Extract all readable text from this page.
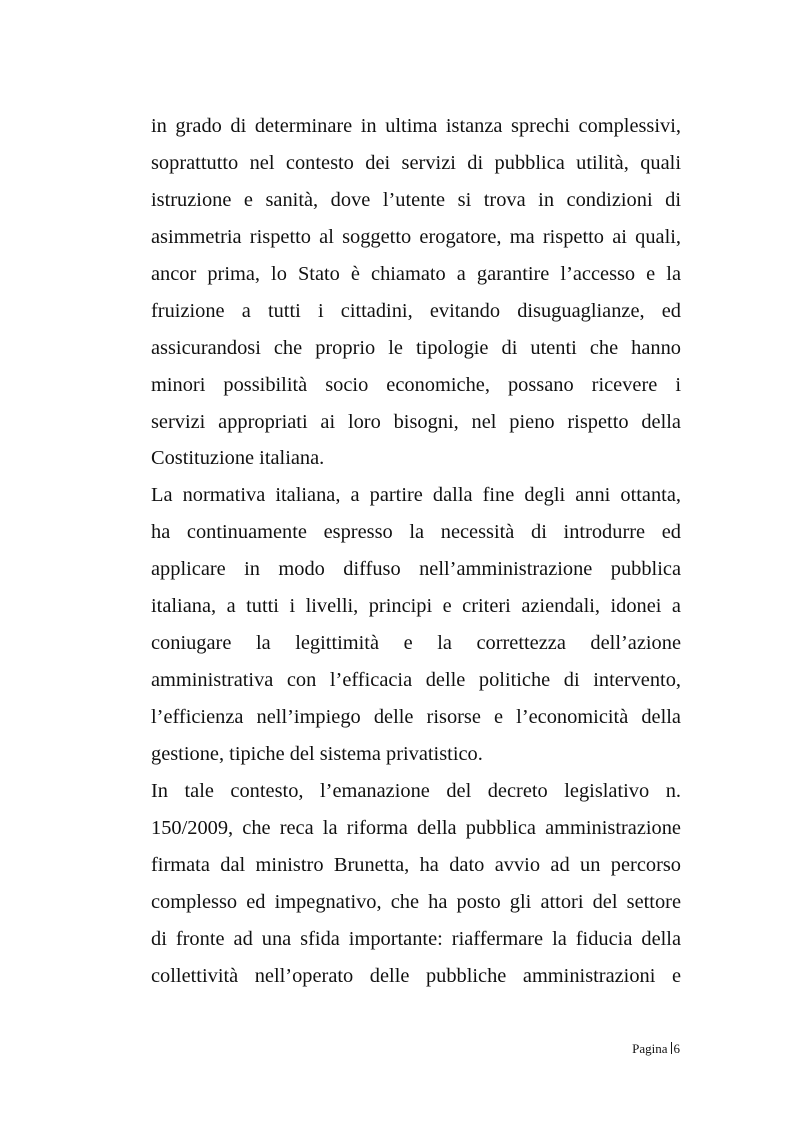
in grado di determinare in ultima istanza sprechi complessivi,
soprattutto nel contesto dei servizi di pubblica utilità, quali
istruzione e sanità, dove l’utente si trova in condizioni di
asimmetria rispetto al soggetto erogatore, ma rispetto ai quali,
ancor prima, lo Stato è chiamato a garantire l’accesso e la
fruizione a tutti i cittadini, evitando disuguaglianze, ed
assicurandosi che proprio le tipologie di utenti che hanno
minori possibilità socio economiche, possano ricevere i
servizi appropriati ai loro bisogni, nel pieno rispetto della
Costituzione italiana.
La normativa italiana, a partire dalla fine degli anni ottanta,
ha continuamente espresso la necessità di introdurre ed
applicare in modo diffuso nell’amministrazione pubblica
italiana, a tutti i livelli, principi e criteri aziendali, idonei a
coniugare la legittimità e la correttezza dell’azione
amministrativa con l’efficacia delle politiche di intervento,
l’efficienza nell’impiego delle risorse e l’economicità della
gestione, tipiche del sistema privatistico.
In tale contesto, l’emanazione del decreto legislativo n.
150/2009, che reca la riforma della pubblica amministrazione
firmata dal ministro Brunetta, ha dato avvio ad un percorso
complesso ed impegnativo, che ha posto gli attori del settore
di fronte ad una sfida importante: riaffermare la fiducia della
collettività nell’operato delle pubbliche amministrazioni e
Pagina 6
